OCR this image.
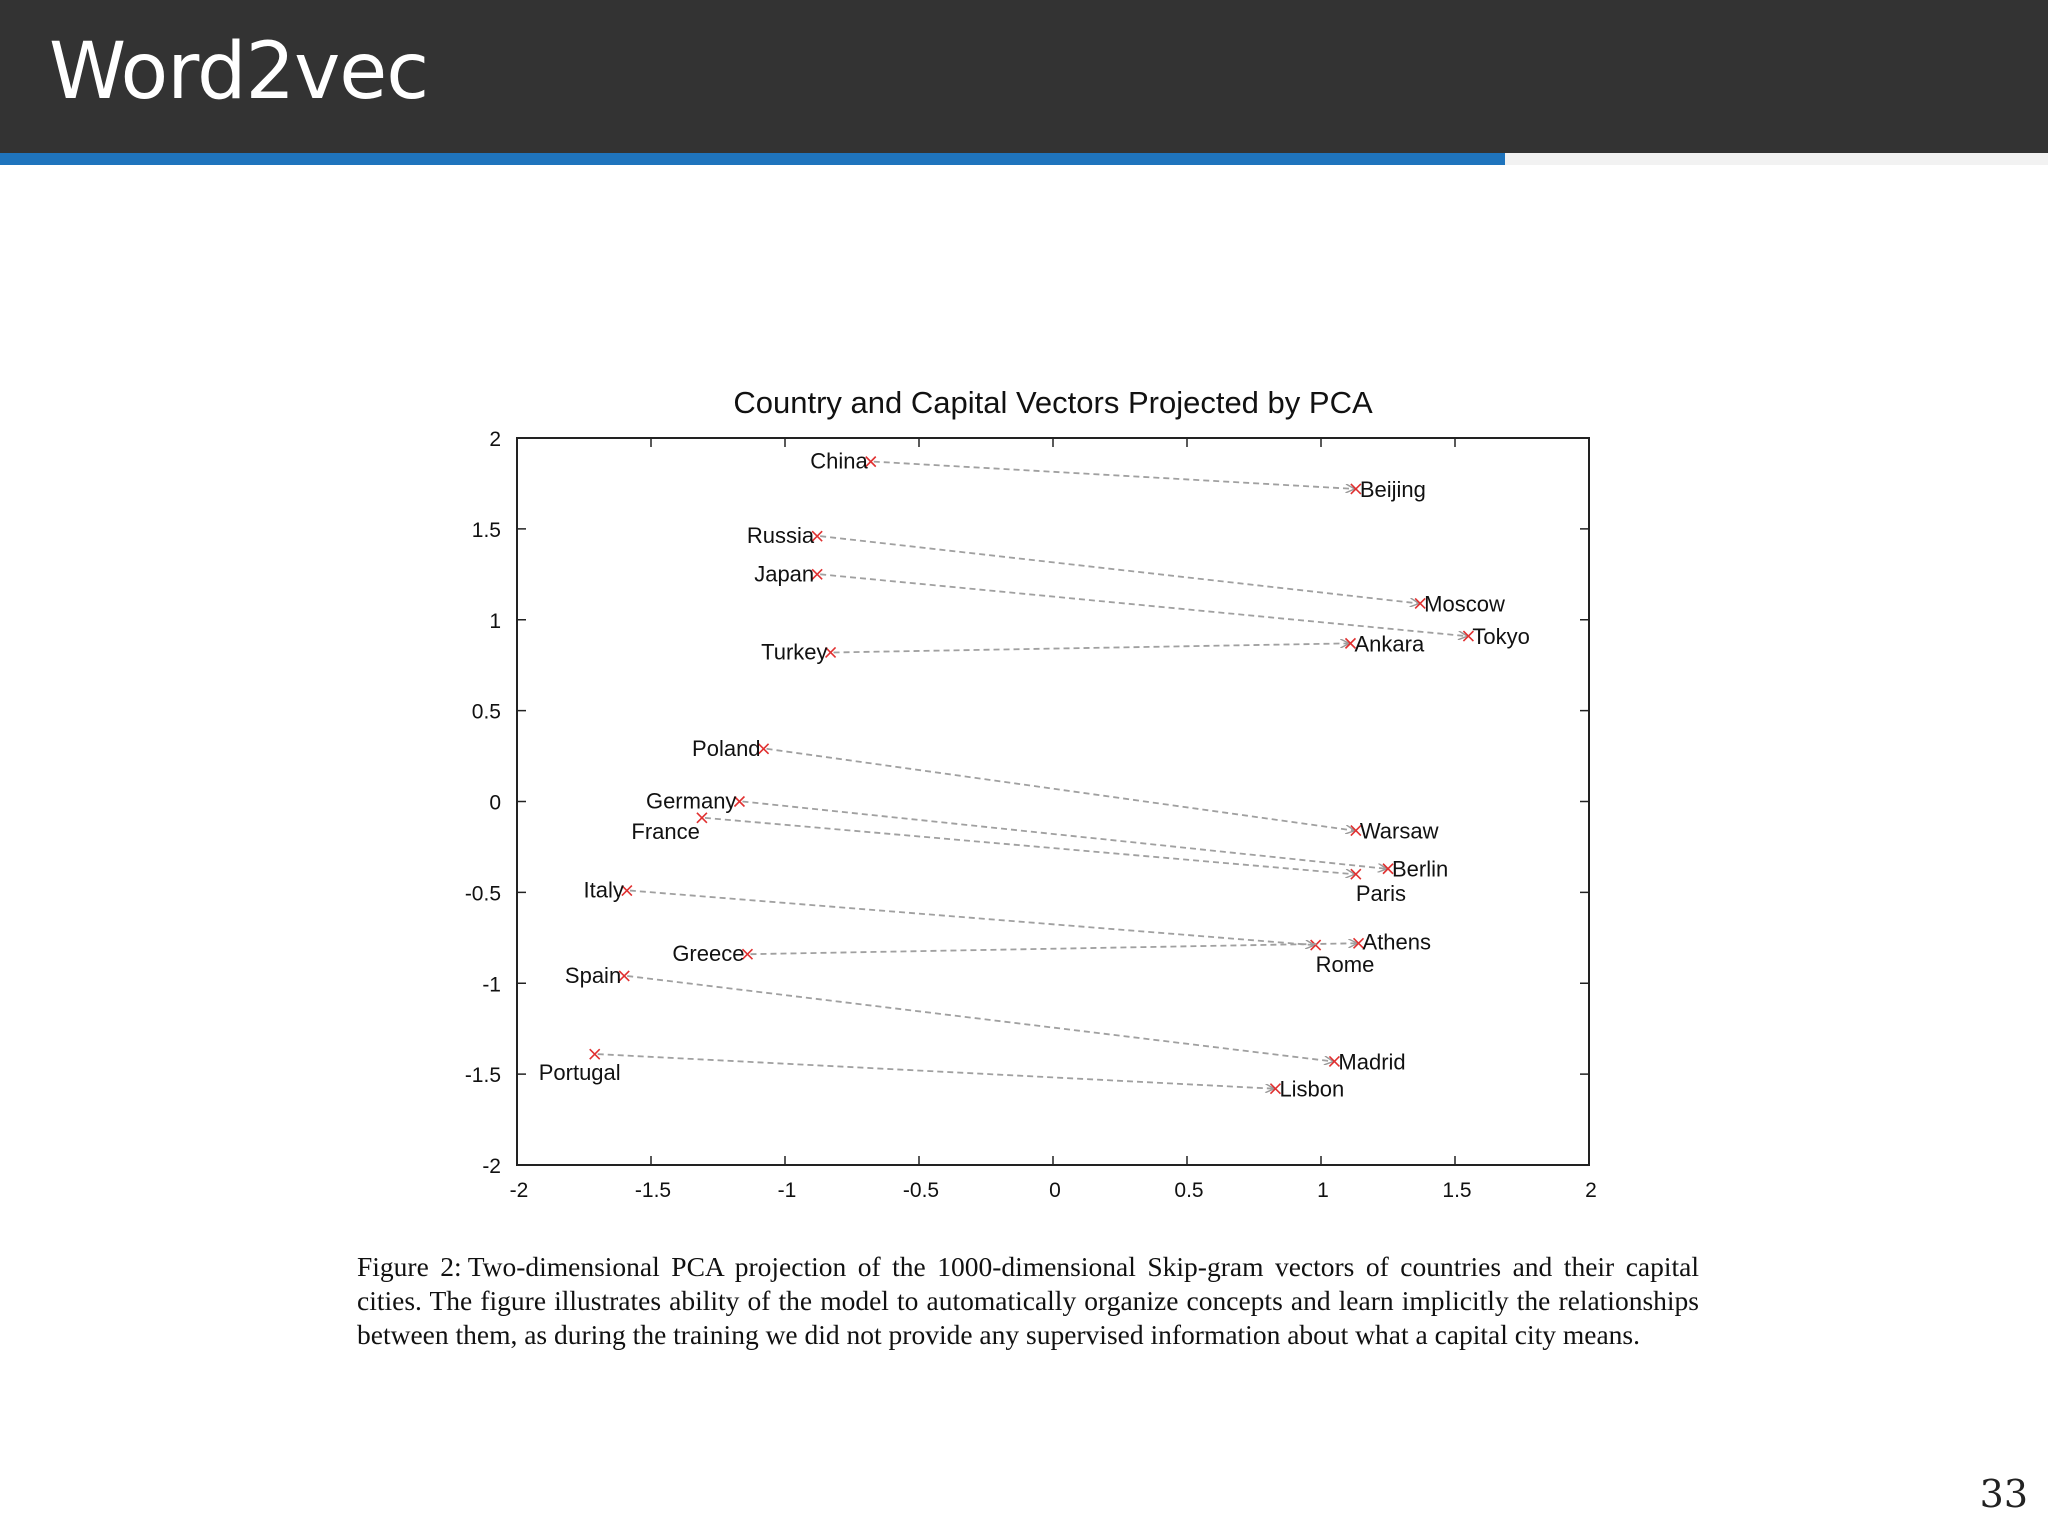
Word2vec
Country and Capital Vectors Projected by PCA
-2	-1.5	-1	-0.5	0	0.5	1	1.5	2
2
1.5
1
0.5
0
-0.5
-1
-1.5
-2
China
Beijing
Russia
Moscow
Japan
Tokyo
Turkey	Ankara
Poland
Warsaw
Germany
Berlin
France
Paris
Italy
Rome
Greece	Athens
Spain
Madrid
Portugal
Lisbon
Figure 2: Two-dimensional PCA projection of the 1000-dimensional Skip-gram vectors of countries and their capital cities. The figure illustrates ability of the model to automatically organize concepts and learn implicitly the relationships between them, as during the training we did not provide any supervised information about what a capital city means.
33
